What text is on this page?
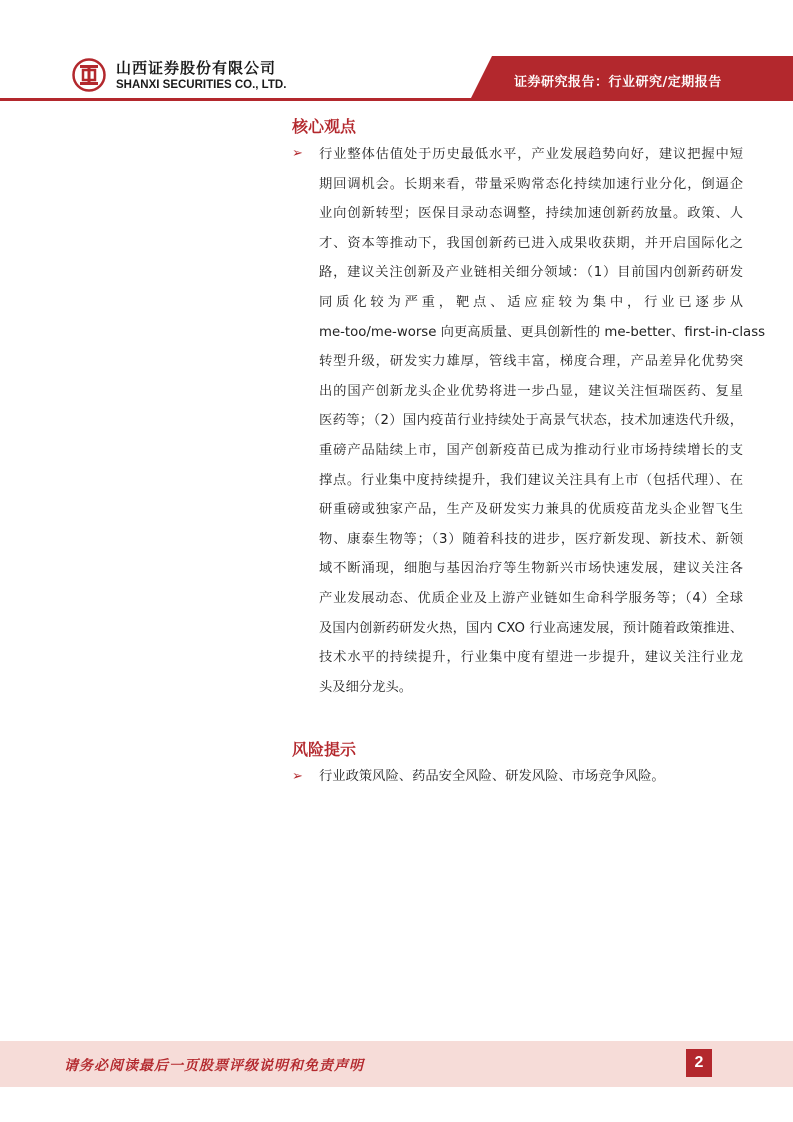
山西证券股份有限公司
SHANXI SECURITIES CO., LTD.	证券研究报告：行业研究/定期报告
核心观点
➢ 行业整体估值处于历史最低水平，产业发展趋势向好，建议把握中短
期回调机会。长期来看，带量采购常态化持续加速行业分化，倒逼企
业向创新转型；医保目录动态调整，持续加速创新药放量。政策、人
才、资本等推动下，我国创新药已进入成果收获期，并开启国际化之
路，建议关注创新及产业链相关细分领域：（1）目前国内创新药研发
同质化较为严重，靶点、适应症较为集中，行业已逐步从
me-too/me-worse 向更高质量、更具创新性的 me-better、first-in-class
转型升级，研发实力雄厚，管线丰富，梯度合理，产品差异化优势突
出的国产创新龙头企业优势将进一步凸显，建议关注恒瑞医药、复星
医药等；（2）国内疫苗行业持续处于高景气状态，技术加速迭代升级，
重磅产品陆续上市，国产创新疫苗已成为推动行业市场持续增长的支
撑点。行业集中度持续提升，我们建议关注具有上市（包括代理）、在
研重磅或独家产品，生产及研发实力兼具的优质疫苗龙头企业智飞生
物、康泰生物等；（3）随着科技的进步，医疗新发现、新技术、新领
域不断涌现，细胞与基因治疗等生物新兴市场快速发展，建议关注各
产业发展动态、优质企业及上游产业链如生命科学服务等；（4）全球
及国内创新药研发火热，国内 CXO 行业高速发展，预计随着政策推进、
技术水平的持续提升，行业集中度有望进一步提升，建议关注行业龙
头及细分龙头。
风险提示
➢ 行业政策风险、药品安全风险、研发风险、市场竞争风险。
请务必阅读最后一页股票评级说明和免责声明	2
